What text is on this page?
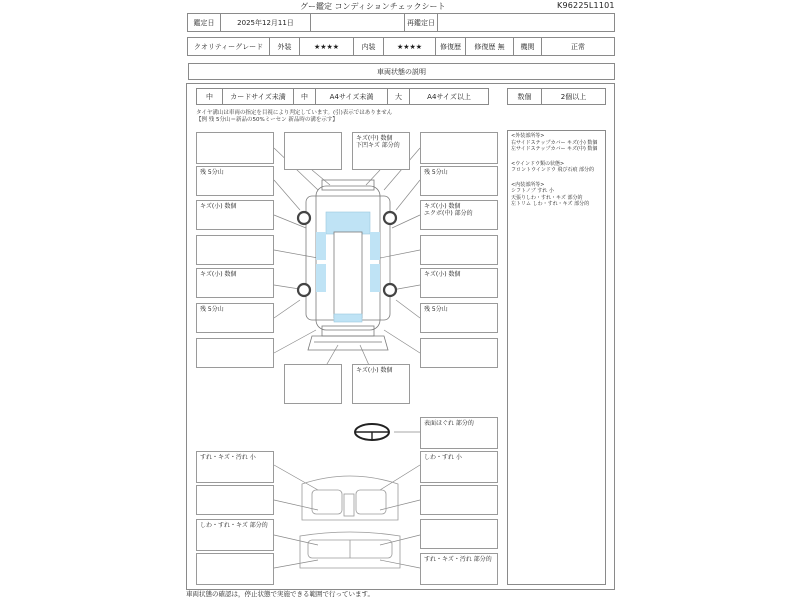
グー鑑定 コンディションチェックシート	K96225L1101
鑑定日	2025年12月11日	再鑑定日
クオリティーグレード	外装	★★★★	内装	★★★★	修復歴	修復歴 無	機関	正常
車両状態の説明
中	カードサイズ未満	中	A4サイズ未満	大	A4サイズ以上	数個	2個以上
タイヤ溝山は車両の指定を目視により判定しています。(引)表示ではありません
【例 残 5分山＝新品の50%ミーセン 新品時の溝を示す】
残 5分山
キズ(小) 数個
キズ(小) 数個
残 5分山
キズ(中) 数個
下凹キズ 部分的
キズ(小) 数個
残 5分山
キズ(小) 数個
エクボ(中) 部分的
キズ(小) 数個
残 5分山
表面ほぐれ 部分的
すれ・キズ・汚れ 小	しわ・すれ 小
しわ・すれ・キズ 部分的
すれ・キズ・汚れ 部分的
<外装部所等>
右サイドステップカバー キズ(小) 数個
左サイドステップカバー キズ(中) 数個
<ウインドウ類の状態>
フロントウインドウ 飛び石痕 部分的
<内装部所等>
シフトノブ すれ 小
天張りしわ・すれ・キズ 部分的
左トリム しわ・すれ・キズ 部分的
車両状態の確認は，停止状態で実施できる範囲で行っています。
